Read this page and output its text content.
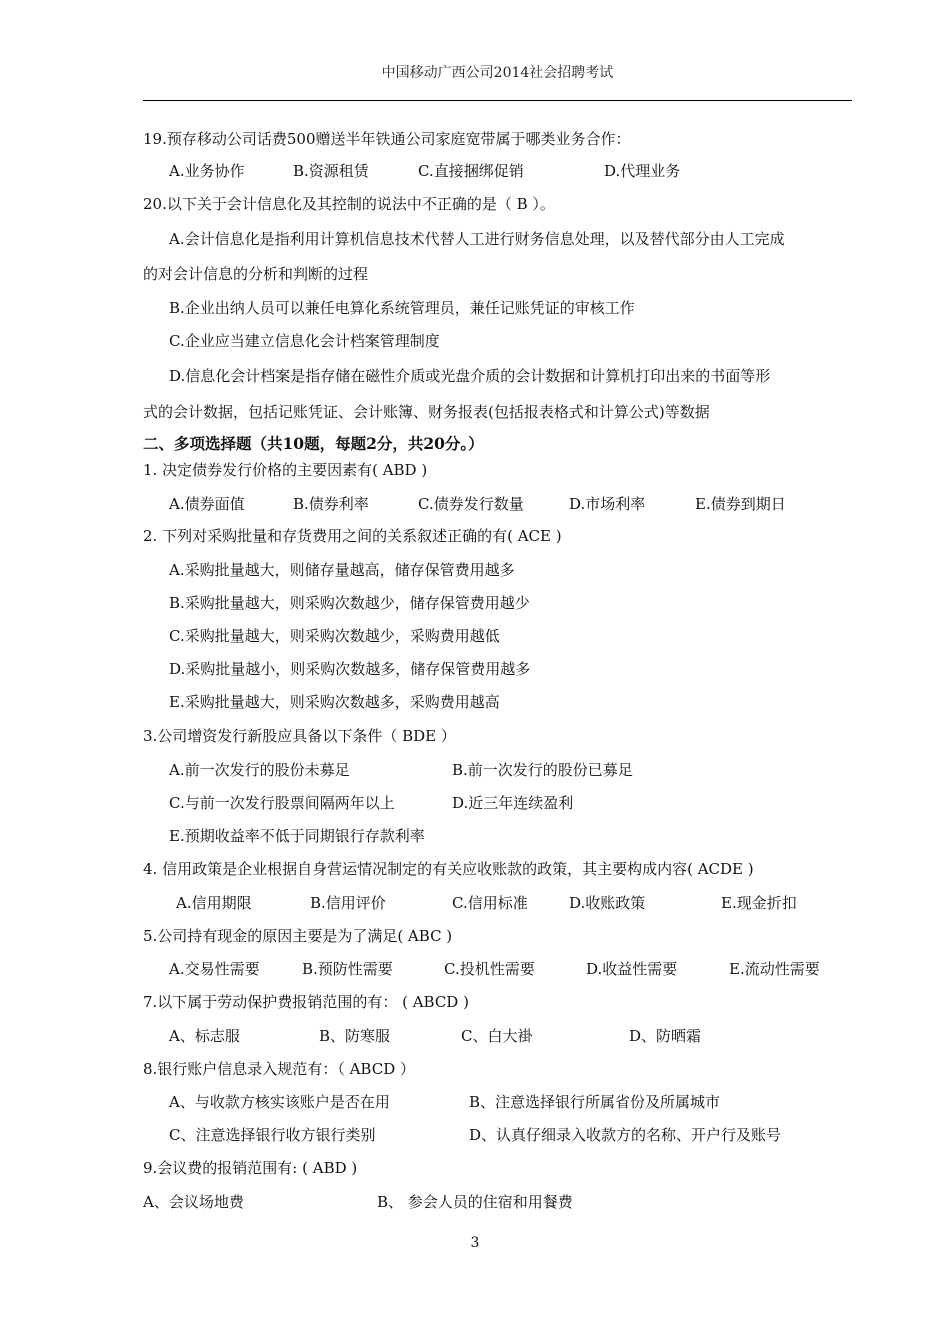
中国移动广西公司2014社会招聘考试
19.预存移动公司话费500赠送半年铁通公司家庭宽带属于哪类业务合作：
A.业务协作	B.资源租赁	C.直接捆绑促销	D.代理业务
20.以下关于会计信息化及其控制的说法中不正确的是（ B ）。
A.会计信息化是指利用计算机信息技术代替人工进行财务信息处理，以及替代部分由人工完成
的对会计信息的分析和判断的过程
B.企业出纳人员可以兼任电算化系统管理员，兼任记账凭证的审核工作
C.企业应当建立信息化会计档案管理制度
D.信息化会计档案是指存储在磁性介质或光盘介质的会计数据和计算机打印出来的书面等形
式的会计数据，包括记账凭证、会计账簿、财务报表(包括报表格式和计算公式)等数据
二、多项选择题（共10题，每题2分，共20分。）
1. 决定债券发行价格的主要因素有( ABD )
A.债券面值	B.债券利率	C.债券发行数量	D.市场利率	E.债券到期日
2. 下列对采购批量和存货费用之间的关系叙述正确的有( ACE )
A.采购批量越大，则储存量越高，储存保管费用越多
B.采购批量越大，则采购次数越少，储存保管费用越少
C.采购批量越大，则采购次数越少，采购费用越低
D.采购批量越小，则采购次数越多，储存保管费用越多
E.采购批量越大，则采购次数越多，采购费用越高
3.公司增资发行新股应具备以下条件（ BDE ）
A.前一次发行的股份未募足	B.前一次发行的股份已募足
C.与前一次发行股票间隔两年以上	D.近三年连续盈利
E.预期收益率不低于同期银行存款利率
4. 信用政策是企业根据自身营运情况制定的有关应收账款的政策，其主要构成内容( ACDE )
A.信用期限	B.信用评价	C.信用标准	D.收账政策	E.现金折扣
5.公司持有现金的原因主要是为了满足( ABC )
A.交易性需要	B.预防性需要	C.投机性需要	D.收益性需要	E.流动性需要
7.以下属于劳动保护费报销范围的有： ( ABCD )
A、标志服	B、防寒服	C、白大褂	D、防晒霜
8.银行账户信息录入规范有：（ ABCD ）
A、与收款方核实该账户是否在用	B、注意选择银行所属省份及所属城市
C、注意选择银行收方银行类别	D、认真仔细录入收款方的名称、开户行及账号
9.会议费的报销范围有: ( ABD )
A、会议场地费	B、 参会人员的住宿和用餐费
3
